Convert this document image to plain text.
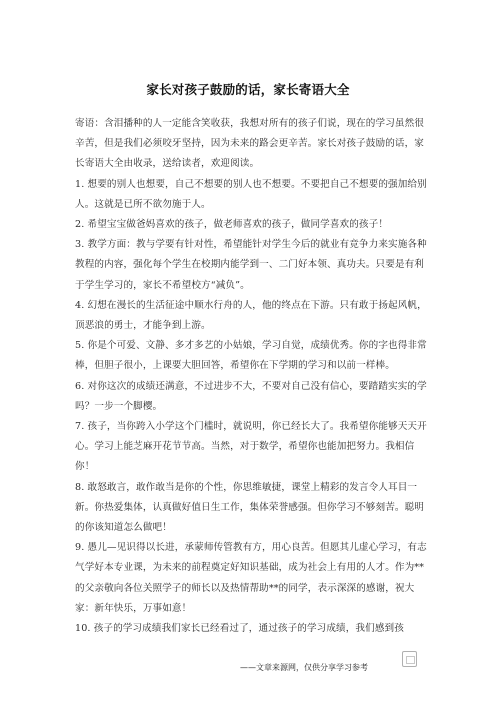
家长对孩子鼓励的话，家长寄语大全

寄语：含泪播种的人一定能含笑收获，我想对所有的孩子们说，现在的学习虽然很辛苦，但是我们必须咬牙坚持，因为未来的路会更辛苦。家长对孩子鼓励的话，家长寄语大全由收录，送给读者，欢迎阅读。

1. 想要的别人也想要，自己不想要的别人也不想要。不要把自己不想要的强加给别人。这就是已所不欲勿施于人。

2. 希望宝宝做爸妈喜欢的孩子，做老师喜欢的孩子，做同学喜欢的孩子！

3. 教学方面：教与学要有针对性，希望能针对学生今后的就业有竞争力来实施各种教程的内容，强化每个学生在校期内能学到一、二门好本领、真功夫。只要是有利于学生学习的，家长不希望校方“减负”。

4. 幻想在漫长的生活征途中顺水行舟的人，他的终点在下游。只有敢于扬起风帆，顶恶浪的勇士，才能争到上游。

5. 你是个可爱、文静、多才多艺的小姑娘，学习自觉，成绩优秀。你的字也得非常棒，但胆子很小，上课要大胆回答，希望你在下学期的学习和以前一样棒。

6. 对你这次的成绩还满意，不过进步不大，不要对自己没有信心，要踏踏实实的学吗？一步一个脚樱。

7. 孩子，当你跨入小学这个门槛时，就说明，你已经长大了。我希望你能够天天开心。学习上能芝麻开花节节高。当然，对于数学，希望你也能加把努力。我相信你！

8. 敢怒敢言，敢作敢当是你的个性，你思维敏捷，课堂上精彩的发言令人耳目一新。你热爱集体，认真做好值日生工作，集体荣誉感强。但你学习不够刻苦。聪明的你该知道怎么做吧！

9. 愚儿—见识得以长进，承蒙师传管教有方，用心良苦。但愿其儿虚心学习，有志气学好本专业课，为未来的前程奠定好知识基础，成为社会上有用的人才。作为**的父亲敬向各位关照学子的师长以及热情帮助**的同学，表示深深的感谢，祝大家：新年快乐，万事如意！

10. 孩子的学习成绩我们家长已经看过了，通过孩子的学习成绩，我们感到孩

——文章来源网，仅供分享学习参考
